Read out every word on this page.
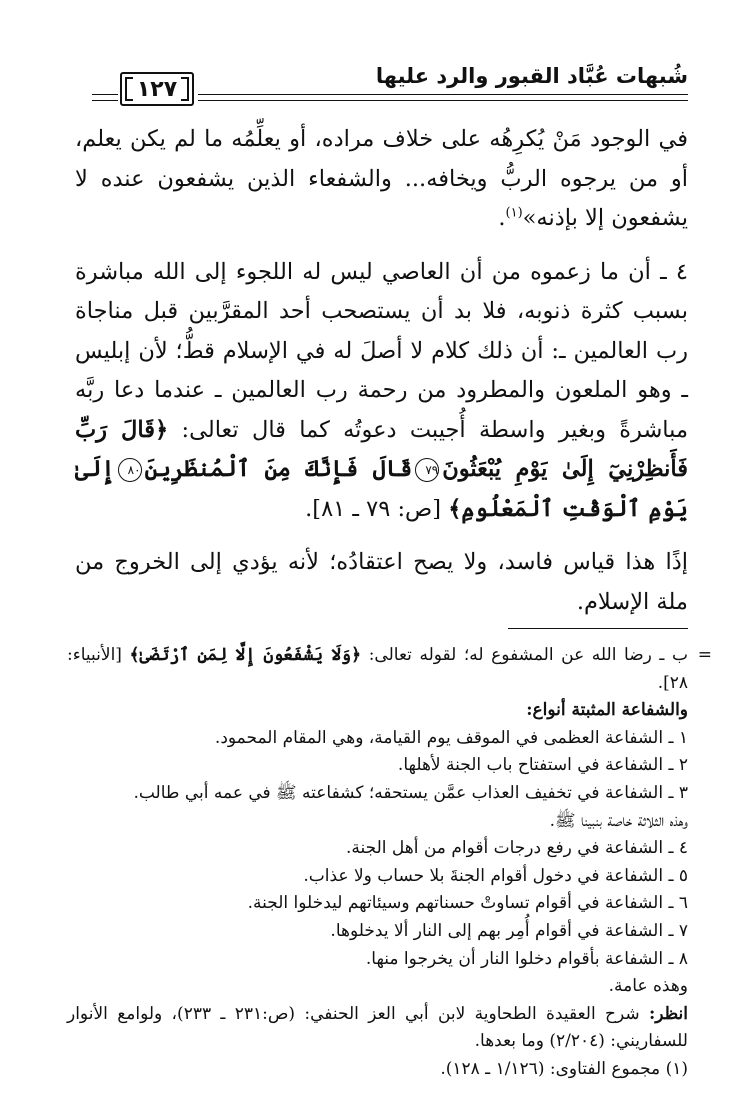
١٢٧
شُبهات عُبَّاد القبور والرد عليها

في الوجود مَنْ يُكرِهُه على خلاف مراده، أو يعلِّمُه ما لم يكن يعلم، أو من يرجوه الربُّ ويخافه... والشفعاء الذين يشفعون عنده لا يشفعون إلا بإذنه»$^{(١)}$.

٤ ـ أن ما زعموه من أن العاصي ليس له اللجوء إلى الله مباشرة بسبب كثرة ذنوبه، فلا بد أن يستصحب أحد المقرَّبين قبل مناجاة رب العالمين ـ: أن ذلك كلام لا أصلَ له في الإسلام قطُّ؛ لأن إبليس ـ وهو الملعون والمطرود من رحمة رب العالمين ـ عندما دعا ربَّه مباشرةً وبغير واسطة أُجيبت دعوتُه كما قال تعالى: ﴿قَالَ رَبِّ فَأَنظِرْنِيٓ إِلَىٰ يَوْمِ يُبْعَثُونَ٧٩قَالَ فَإِنَّكَ مِنَ ٱلْمُنظَرِينَ٨٠إِلَىٰ يَوْمِ ٱلْوَقْتِ ٱلْمَعْلُومِ﴾ [ص: ٧٩ ـ ٨١].

إذًا هذا قياس فاسد، ولا يصح اعتقادُه؛ لأنه يؤدي إلى الخروج من ملة الإسلام.

=
ب ـ رضا الله عن المشفوع له؛ لقوله تعالى: ﴿وَلَا يَشْفَعُونَ إِلَّا لِمَنِ ٱرْتَضَىٰ﴾ [الأنبياء: ٢٨].
والشفاعة المثبتة أنواع:
١ ـ الشفاعة العظمى في الموقف يوم القيامة، وهي المقام المحمود.
٢ ـ الشفاعة في استفتاح باب الجنة لأهلها.
٣ ـ الشفاعة في تخفيف العذاب عمَّن يستحقه؛ كشفاعته ﷺ في عمه أبي طالب.
وهذه الثلاثة خاصة بنبينا ﷺ.
٤ ـ الشفاعة في رفع درجات أقوام من أهل الجنة.
٥ ـ الشفاعة في دخول أقوام الجنةَ بلا حساب ولا عذاب.
٦ ـ الشفاعة في أقوام تساوتْ حسناتهم وسيئاتهم ليدخلوا الجنة.
٧ ـ الشفاعة في أقوام أُمِر بهم إلى النار ألا يدخلوها.
٨ ـ الشفاعة بأقوام دخلوا النار أن يخرجوا منها.
وهذه عامة.
انظر: شرح العقيدة الطحاوية لابن أبي العز الحنفي: (ص:٢٣١ ـ ٢٣٣)، ولوامع الأنوار للسفاريني: (٢/٢٠٤) وما بعدها.
(١) مجموع الفتاوى: (١/١٢٦ ـ ١٢٨).
